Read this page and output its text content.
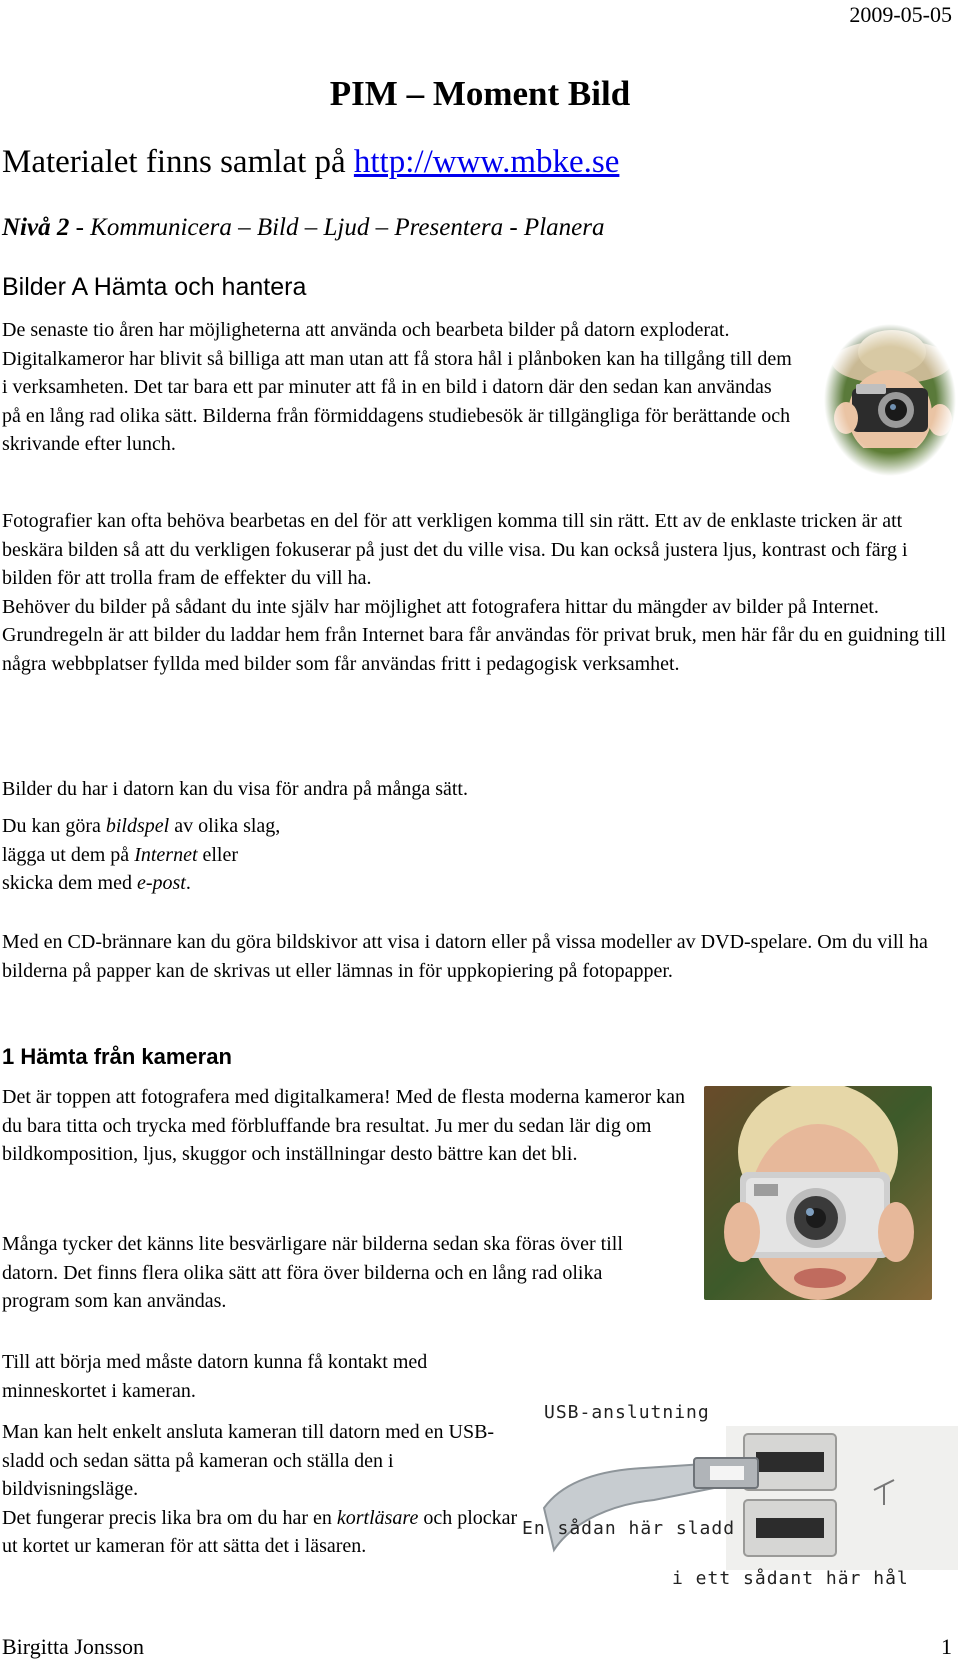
2009-05-05
PIM – Moment Bild
Materialet finns samlat på http://www.mbke.se
Nivå 2 - Kommunicera – Bild – Ljud – Presentera - Planera
Bilder A Hämta och hantera

De senaste tio åren har möjligheterna att använda och bearbeta bilder på datorn exploderat.

Digitalkameror har blivit så billiga att man utan att få stora hål i plånboken kan ha tillgång till dem i verksamheten. Det tar bara ett par minuter att få in en bild i datorn där den sedan kan användas på en lång rad olika sätt. Bilderna från förmiddagens studiebesök är tillgängliga för berättande och skrivande efter lunch.

Fotografier kan ofta behöva bearbetas en del för att verkligen komma till sin rätt. Ett av de enklaste tricken är att beskära bilden så att du verkligen fokuserar på just det du ville visa. Du kan också justera ljus, kontrast och färg i bilden för att trolla fram de effekter du vill ha.

Behöver du bilder på sådant du inte själv har möjlighet att fotografera hittar du mängder av bilder på Internet.

Grundregeln är att bilder du laddar hem från Internet bara får användas för privat bruk, men här får du en guidning till några webbplatser fyllda med bilder som får användas fritt i pedagogisk verksamhet.

Bilder du har i datorn kan du visa för andra på många sätt.

Du kan göra bildspel av olika slag,

lägga ut dem på Internet eller

skicka dem med e-post.

Med en CD-brännare kan du göra bildskivor att visa i datorn eller på vissa modeller av DVD-spelare. Om du vill ha bilderna på papper kan de skrivas ut eller lämnas in för uppkopiering på fotopapper.

1 Hämta från kameran

Det är toppen att fotografera med digitalkamera! Med de flesta moderna kameror kan du bara titta och trycka med förbluffande bra resultat. Ju mer du sedan lär dig om bildkomposition, ljus, skuggor och inställningar desto bättre kan det bli.

Många tycker det känns lite besvärligare när bilderna sedan ska föras över till datorn. Det finns flera olika sätt att föra över bilderna och en lång rad olika program som kan användas.

Till att börja med måste datorn kunna få kontakt med minneskortet i kameran.

Man kan helt enkelt ansluta kameran till datorn med en USB-sladd och sedan sätta på kameran och ställa den i bildvisningsläge.

Det fungerar precis lika bra om du har en kortläsare och plockar ut kortet ur kameran för att sätta det i läsaren.

USB-anslutning
En sådan här sladd
i ett sådant här hål
Birgitta Jonsson	1
